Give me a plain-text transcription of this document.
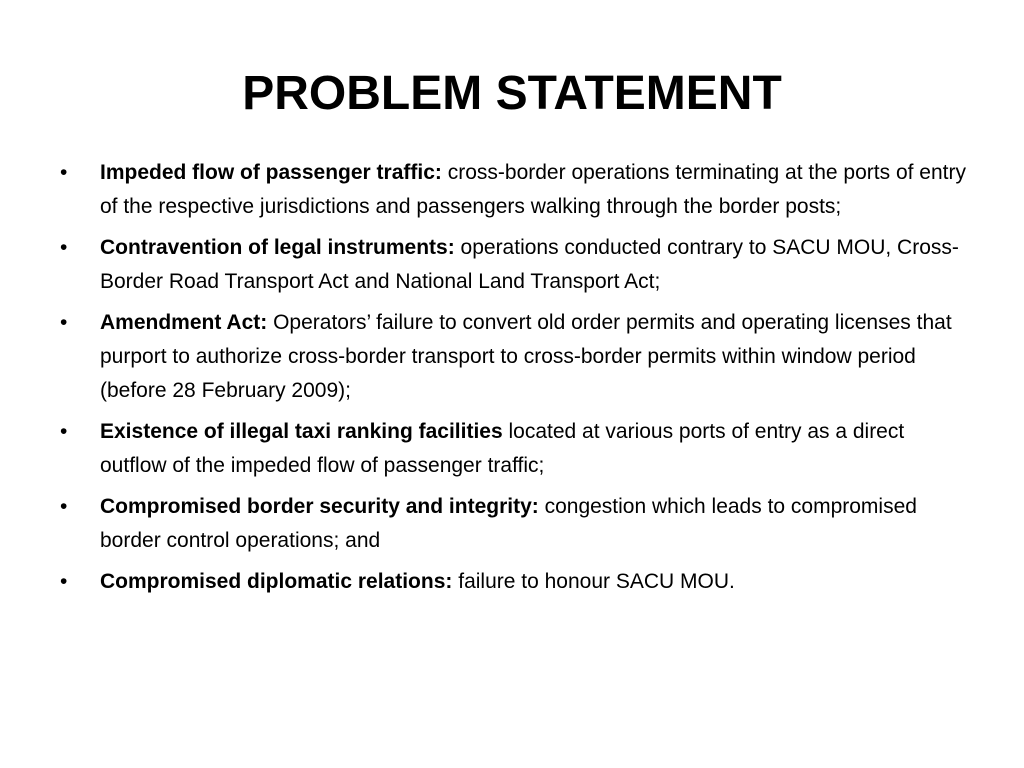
PROBLEM STATEMENT
• Impeded flow of passenger traffic: cross-border operations terminating at the ports of entry of the respective jurisdictions and passengers walking through the border posts;
• Contravention of legal instruments: operations conducted contrary to SACU MOU, Cross-Border Road Transport Act and National Land Transport Act;
• Amendment Act: Operators’ failure to convert old order permits and operating licenses that purport to authorize cross-border transport to cross-border permits within window period (before 28 February 2009);
• Existence of illegal taxi ranking facilities located at various ports of entry as a direct outflow of the impeded flow of passenger traffic;
• Compromised border security and integrity: congestion which leads to compromised border control operations; and
• Compromised diplomatic relations: failure to honour SACU MOU.
